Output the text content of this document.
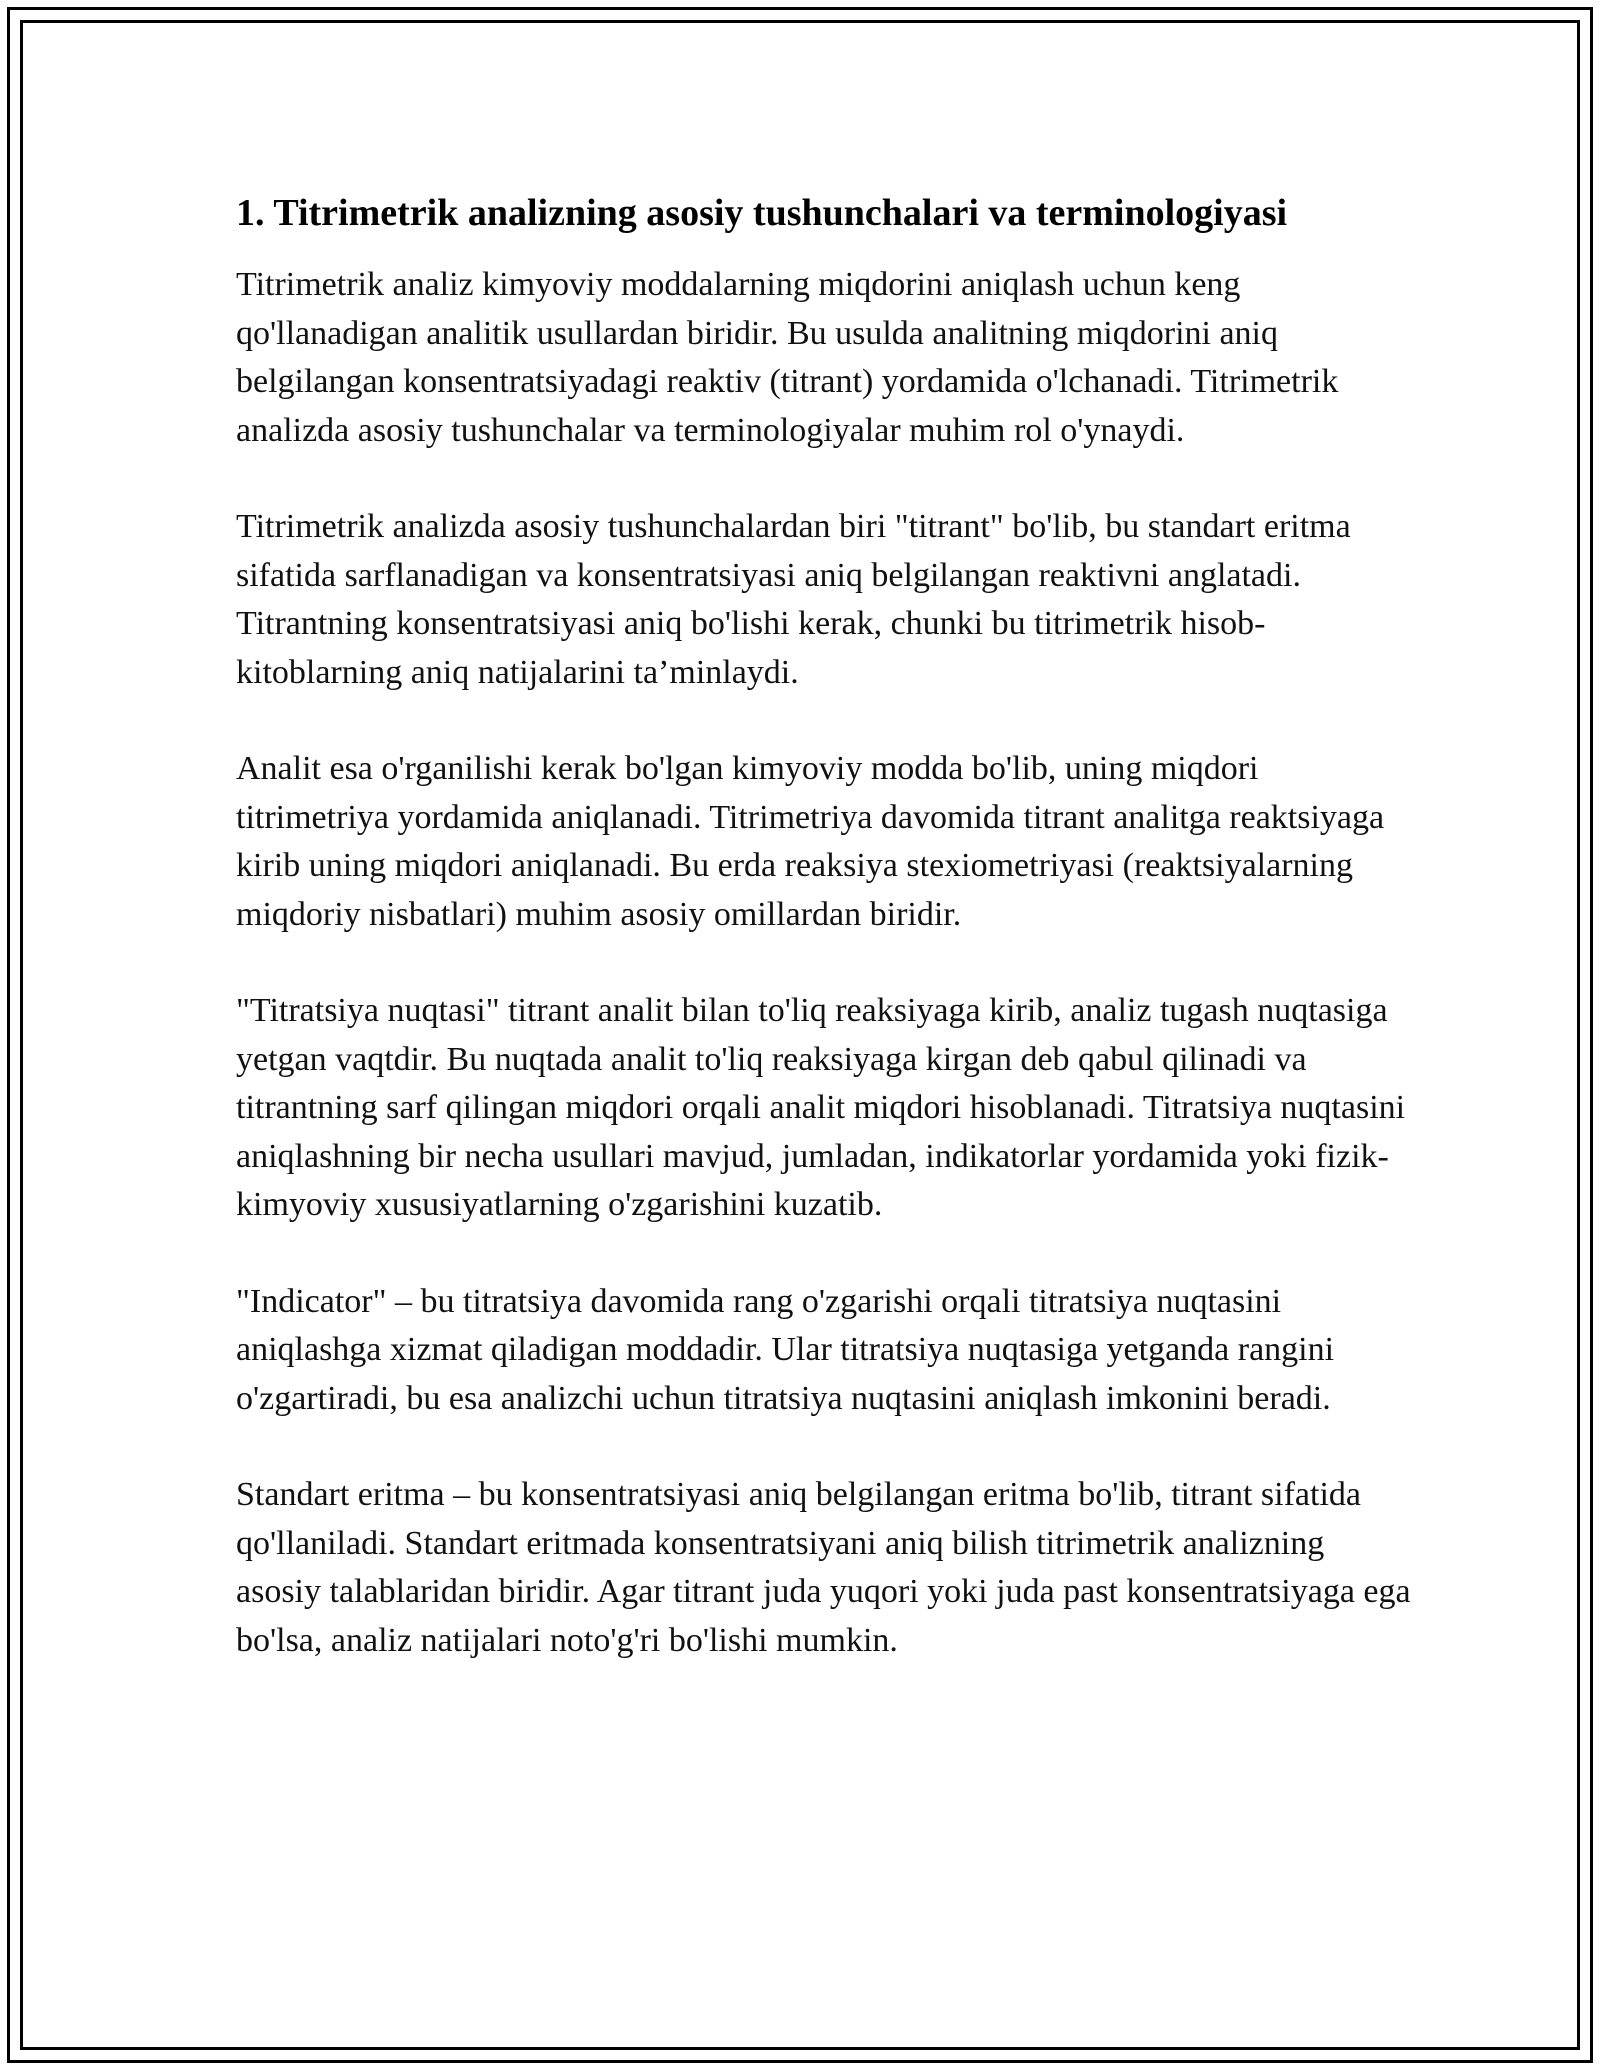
1. Titrimetrik analizning asosiy tushunchalari va terminologiyasi

Titrimetrik analiz kimyoviy moddalarning miqdorini aniqlash uchun keng qo'llanadigan analitik usullardan biridir. Bu usulda analitning miqdorini aniq belgilangan konsentratsiyadagi reaktiv (titrant) yordamida o'lchanadi. Titrimetrik analizda asosiy tushunchalar va terminologiyalar muhim rol o'ynaydi.

Titrimetrik analizda asosiy tushunchalardan biri "titrant" bo'lib, bu standart eritma sifatida sarflanadigan va konsentratsiyasi aniq belgilangan reaktivni anglatadi. Titrantning konsentratsiyasi aniq bo'lishi kerak, chunki bu titrimetrik hisob-kitoblarning aniq natijalarini ta’minlaydi.

Analit esa o'rganilishi kerak bo'lgan kimyoviy modda bo'lib, uning miqdori titrimetriya yordamida aniqlanadi. Titrimetriya davomida titrant analitga reaktsiyaga kirib uning miqdori aniqlanadi. Bu erda reaksiya stexiometriyasi (reaktsiyalarning miqdoriy nisbatlari) muhim asosiy omillardan biridir.

"Titratsiya nuqtasi" titrant analit bilan to'liq reaksiyaga kirib, analiz tugash nuqtasiga yetgan vaqtdir. Bu nuqtada analit to'liq reaksiyaga kirgan deb qabul qilinadi va titrantning sarf qilingan miqdori orqali analit miqdori hisoblanadi. Titratsiya nuqtasini aniqlashning bir necha usullari mavjud, jumladan, indikatorlar yordamida yoki fizik-kimyoviy xususiyatlarning o'zgarishini kuzatib.

"Indicator" – bu titratsiya davomida rang o'zgarishi orqali titratsiya nuqtasini aniqlashga xizmat qiladigan moddadir. Ular titratsiya nuqtasiga yetganda rangini o'zgartiradi, bu esa analizchi uchun titratsiya nuqtasini aniqlash imkonini beradi.

Standart eritma – bu konsentratsiyasi aniq belgilangan eritma bo'lib, titrant sifatida qo'llaniladi. Standart eritmada konsentratsiyani aniq bilish titrimetrik analizning asosiy talablaridan biridir. Agar titrant juda yuqori yoki juda past konsentratsiyaga ega bo'lsa, analiz natijalari noto'g'ri bo'lishi mumkin.
